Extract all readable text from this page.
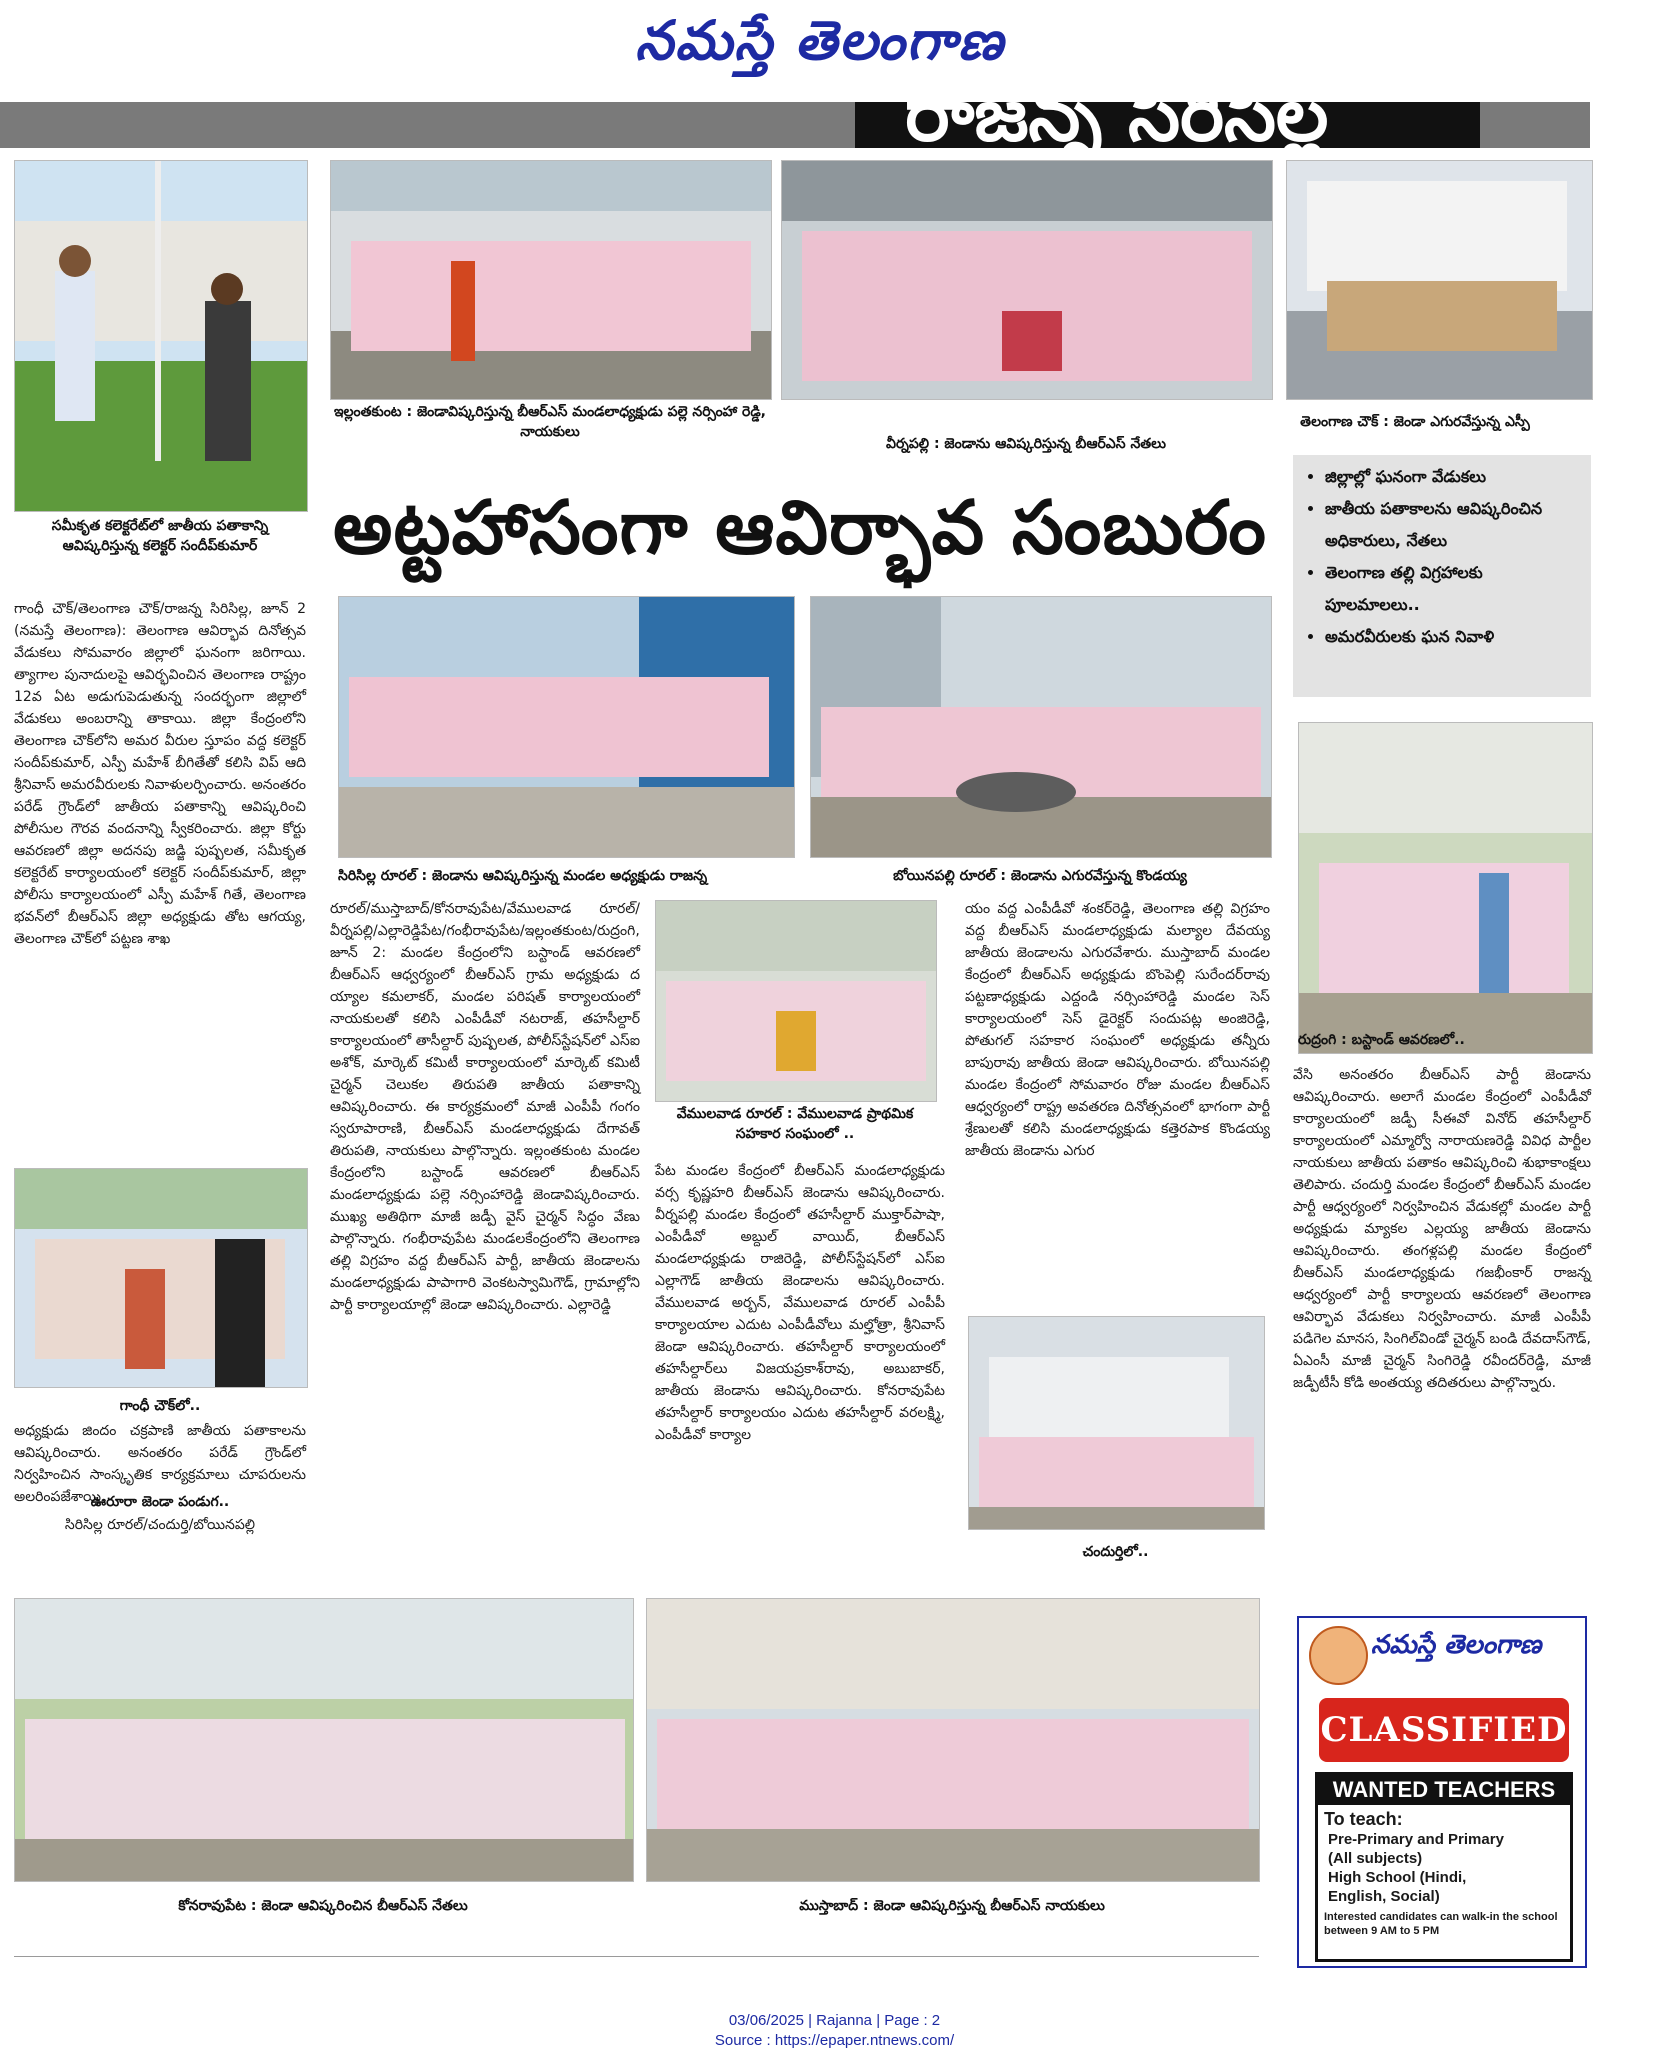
నమస్తే తెలంగాణ
రాజన్న సిరిసిల్ల
సమీకృత కలెక్టరేట్‌లో జాతీయ పతాకాన్ని ఆవిష్కరిస్తున్న కలెక్టర్‌ సందీప్‌కుమార్‌
ఇల్లంతకుంట : జెండావిష్కరిస్తున్న బీఆర్‌ఎస్‌ మండలాధ్యక్షుడు పల్లె నర్సింహా రెడ్డి, నాయకులు
వీర్నపల్లి : జెండాను ఆవిష్కరిస్తున్న బీఆర్‌ఎస్‌ నేతలు
తెలంగాణ చౌక్‌ : జెండా ఎగురవేస్తున్న ఎస్పీ
అట్టహాసంగా ఆవిర్భావ సంబురం
• జిల్లాల్లో ఘనంగా వేడుకలు
• జాతీయ పతాకాలను ఆవిష్కరించిన అధికారులు, నేతలు
• తెలంగాణ తల్లి విగ్రహాలకు పూలమాలలు..
• అమరవీరులకు ఘన నివాళి
సిరిసిల్ల రూరల్‌ : జెండాను ఆవిష్కరిస్తున్న మండల అధ్యక్షుడు రాజన్న	బోయినపల్లి రూరల్‌ : జెండాను ఎగురవేస్తున్న కొండయ్య
రుద్రంగి : బస్టాండ్‌ ఆవరణలో..
గాంధీ చౌక్‌/తెలంగాణ చౌక్‌/రాజన్న సిరిసిల్ల, జూన్‌ 2 (నమస్తే తెలంగాణ): తెలంగాణ ఆవిర్భావ దినోత్సవ వేడుకలు సోమవారం జిల్లాలో ఘనంగా జరిగాయి. త్యాగాల పునాదులపై ఆవిర్భవించిన తెలంగాణ రాష్ట్రం 12వ ఏట అడుగుపెడుతున్న సందర్భంగా జిల్లాలో వేడుకలు అంబరాన్ని తాకాయి. జిల్లా కేంద్రంలోని తెలంగాణ చౌక్‌లోని అమర వీరుల స్తూపం వద్ద కలెక్టర్‌ సందీప్‌కుమార్‌, ఎస్పీ మహేశ్‌ బీగితేతో కలిసి విప్‌ ఆది శ్రీనివాస్‌ అమరవీరులకు నివాళులర్పించారు. అనంతరం పరేడ్‌ గ్రౌండ్‌లో జాతీయ పతాకాన్ని ఆవిష్కరించి పోలీసుల గౌరవ వందనాన్ని స్వీకరించారు. జిల్లా కోర్టు ఆవరణలో జిల్లా అదనపు జడ్జి పుష్పలత, సమీకృత కలెక్టరేట్‌ కార్యాలయంలో కలెక్టర్‌ సందీప్‌కుమార్‌, జిల్లా పోలీసు కార్యాలయంలో ఎస్పీ మహేశ్‌ గితే, తెలంగాణ భవన్‌లో బీఆర్‌ఎస్‌ జిల్లా అధ్యక్షుడు తోట ఆగయ్య, తెలంగాణ చౌక్‌లో పట్టణ శాఖ
గాంధీ చౌక్‌లో..
అధ్యక్షుడు జిందం చక్రపాణి జాతీయ పతాకాలను ఆవిష్కరించారు. అనంతరం పరేడ్‌ గ్రౌండ్‌లో నిర్వహించిన సాంస్కృతిక కార్యక్రమాలు చూపరులను అలరింపజేశాయి.
ఊరూరా జెండా పండుగ..
సిరిసిల్ల రూరల్‌/చందుర్తి/బోయినపల్లి
రూరల్‌/ముస్తాబాద్‌/కోనరావుపేట/వేములవాడ రూరల్‌/వీర్నపల్లి/ఎల్లారెడ్డిపేట/గంభీరావుపేట/ఇల్లంతకుంట/రుద్రంగి, జూన్‌ 2: మండల కేంద్రంలోని బస్టాండ్‌ ఆవరణలో బీఆర్‌ఎస్‌ ఆధ్వర్యంలో బీఆర్‌ఎస్‌ గ్రామ అధ్యక్షుడు ద య్యాల కమలాకర్‌, మండల పరిషత్‌ కార్యాలయంలో నాయకులతో కలిసి ఎంపీడీవో నటరాజ్‌, తహసీల్దార్‌ కార్యాలయంలో తాసీల్దార్‌ పుష్పలత, పోలీస్‌స్టేషన్‌లో ఎస్‌ఐ అశోక్‌, మార్కెట్‌ కమిటీ కార్యాలయంలో మార్కెట్‌ కమిటీ చైర్మన్‌ చెలుకల తిరుపతి జాతీయ పతాకాన్ని ఆవిష్కరించారు. ఈ కార్యక్రమంలో మాజీ ఎంపీపీ గంగం స్వరూపారాణి, బీఆర్‌ఎస్‌ మండలాధ్యక్షుడు దేగావత్‌ తిరుపతి, నాయకులు పాల్గొన్నారు. ఇల్లంతకుంట మండల కేంద్రంలోని బస్టాండ్‌ ఆవరణలో బీఆర్‌ఎస్‌ మండలాధ్యక్షుడు పల్లె నర్సింహారెడ్డి జెండావిష్కరించారు. ముఖ్య అతిథిగా మాజీ జడ్పీ వైస్‌ చైర్మన్‌ సిద్ధం వేణు పాల్గొన్నారు. గంభీరావుపేట మండలకేంద్రంలోని తెలంగాణ తల్లి విగ్రహం వద్ద బీఆర్‌ఎస్‌ పార్టీ, జాతీయ జెండాలను మండలాధ్యక్షుడు పాపాగారి వెంకటస్వామిగౌడ్‌, గ్రామాల్లోని పార్టీ కార్యాలయాల్లో జెండా ఆవిష్కరించారు. ఎల్లారెడ్డి
వేములవాడ రూరల్‌ : వేములవాడ ప్రాథమిక సహకార సంఘంలో ..
పేట మండల కేంద్రంలో బీఆర్‌ఎస్‌ మండలాధ్యక్షుడు వర్స కృష్ణహరి బీఆర్‌ఎస్‌ జెండాను ఆవిష్కరించారు. వీర్నపల్లి మండల కేంద్రంలో తహసీల్దార్‌ ముక్తార్‌పాషా, ఎంపీడీవో అబ్దుల్‌ వాయిద్‌, బీఆర్‌ఎస్‌ మండలాధ్యక్షుడు రాజిరెడ్డి, పోలీస్‌స్టేషన్‌లో ఎస్‌ఐ ఎల్లాగౌడ్‌ జాతీయ జెండాలను ఆవిష్కరించారు. వేములవాడ అర్బన్‌, వేములవాడ రూరల్‌ ఎంపీపీ కార్యాలయాల ఎదుట ఎంపీడీవోలు మల్హోత్రా, శ్రీనివాస్‌ జెండా ఆవిష్కరించారు. తహసీల్దార్‌ కార్యాలయంలో తహసీల్దార్‌లు విజయప్రకాశ్‌రావు, అబుబాకర్‌, జాతీయ జెండాను ఆవిష్కరించారు. కోనరావుపేట తహసీల్దార్‌ కార్యాలయం ఎదుట తహసీల్దార్‌ వరలక్ష్మి, ఎంపీడీవో కార్యాల
యం వద్ద ఎంపీడీవో శంకర్‌రెడ్డి, తెలంగాణ తల్లి విగ్రహం వద్ద బీఆర్‌ఎస్‌ మండలాధ్యక్షుడు మల్యాల దేవయ్య జాతీయ జెండాలను ఎగురవేశారు. ముస్తాబాద్‌ మండల కేంద్రంలో బీఆర్‌ఎస్‌ అధ్యక్షుడు బొంపెల్లి సురేందర్‌రావు పట్టణాధ్యక్షుడు ఎద్దండి నర్సింహారెడ్డి మండల సెస్‌ కార్యాలయంలో సెస్‌ డైరెక్టర్‌ సందుపట్ల అంజిరెడ్డి, పోతుగల్‌ సహకార సంఘంలో అధ్యక్షుడు తన్నీరు బాపురావు జాతీయ జెండా ఆవిష్కరించారు. బోయినపల్లి మండల కేంద్రంలో సోమవారం రోజు మండల బీఆర్‌ఎస్‌ ఆధ్వర్యంలో రాష్ట్ర అవతరణ దినోత్సవంలో భాగంగా పార్టీ శ్రేణులతో కలిసి మండలాధ్యక్షుడు కత్తెరపాక కొండయ్య జాతీయ జెండాను ఎగుర
చందుర్తిలో..
వేసి అనంతరం బీఆర్‌ఎస్‌ పార్టీ జెండాను ఆవిష్కరించారు. అలాగే మండల కేంద్రంలో ఎంపీడీవో కార్యాలయంలో జడ్పీ సీఈవో వినోద్‌ తహసీల్దార్‌ కార్యాలయంలో ఎమ్మార్వో నారాయణరెడ్డి వివిధ పార్టీల నాయకులు జాతీయ పతాకం ఆవిష్కరించి శుభాకాంక్షలు తెలిపారు. చందుర్తి మండల కేంద్రంలో బీఆర్‌ఎస్‌ మండల పార్టీ ఆధ్వర్యంలో నిర్వహించిన వేడుకల్లో మండల పార్టీ అధ్యక్షుడు మ్యాకల ఎల్లయ్య జాతీయ జెండాను ఆవిష్కరించారు. తంగళ్లపల్లి మండల కేంద్రంలో బీఆర్‌ఎస్‌ మండలాధ్యక్షుడు గజభీంకార్‌ రాజన్న ఆధ్వర్యంలో పార్టీ కార్యాలయ ఆవరణలో తెలంగాణ ఆవిర్భావ వేడుకలు నిర్వహించారు. మాజీ ఎంపీపీ పడిగెల మానస, సింగిల్‌విండో చైర్మన్‌ బండి దేవదాస్‌గౌడ్‌, ఏఎంసీ మాజీ చైర్మన్‌ సింగిరెడ్డి రవీందర్‌రెడ్డి, మాజీ జడ్పీటీసీ కోడి అంతయ్య తదితరులు పాల్గొన్నారు.
కోనరావుపేట : జెండా ఆవిష్కరించిన బీఆర్‌ఎస్‌ నేతలు	ముస్తాబాద్‌ : జెండా ఆవిష్కరిస్తున్న బీఆర్‌ఎస్‌ నాయకులు
నమస్తే తెలంగాణ
CLASSIFIED
WANTED TEACHERS
To teach:
Pre-Primary and Primary
(All subjects)
High School (Hindi,
English, Social)
Interested candidates can walk-in the school between 9 AM to 5 PM
03/06/2025 | Rajanna | Page : 2
Source : https://epaper.ntnews.com/
